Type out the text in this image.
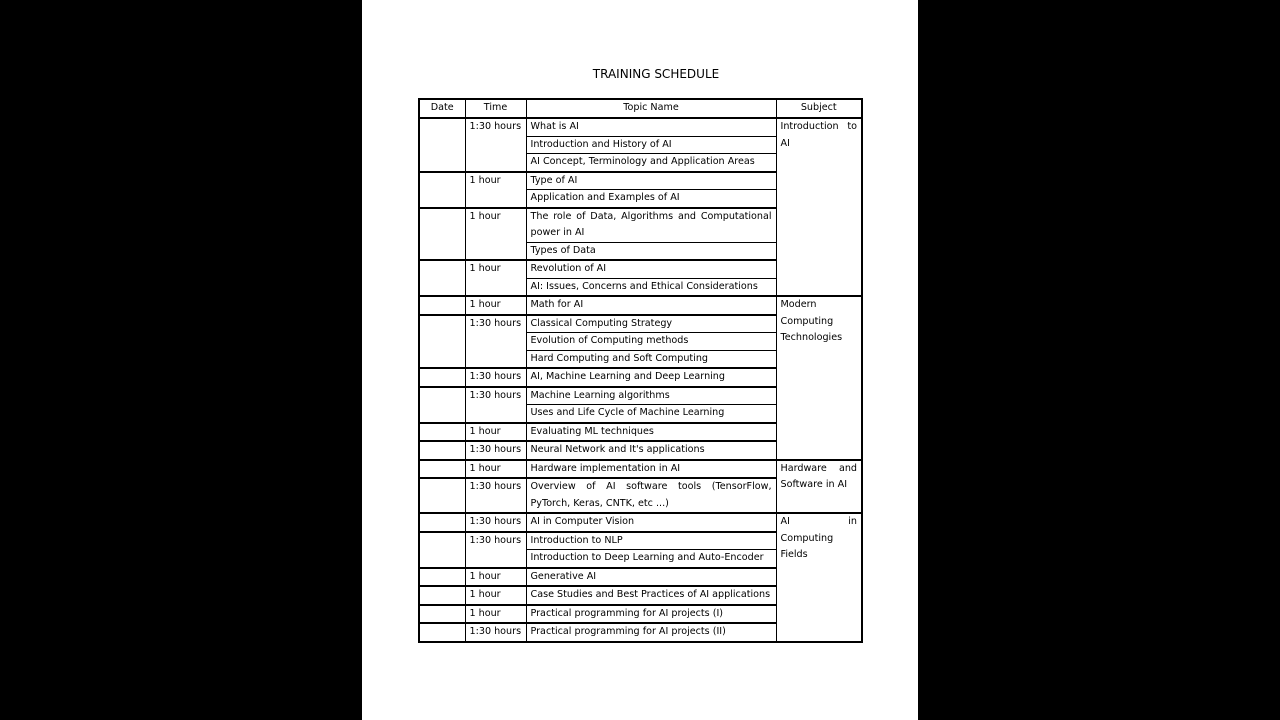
TRAINING SCHEDULE
Date	Time	Topic Name	Subject
	1:30 hours	What is AI	Introduction to AI
		Introduction and History of AI	
		AI Concept, Terminology and Application Areas	
	1 hour	Type of AI	
		Application and Examples of AI	
	1 hour	The role of Data, Algorithms and Computational power in AI	
		Types of Data	
	1 hour	Revolution of AI	
		AI: Issues, Concerns and Ethical Considerations	
	1 hour	Math for AI	Modern Computing Technologies
	1:30 hours	Classical Computing Strategy	
		Evolution of Computing methods	
		Hard Computing and Soft Computing	
	1:30 hours	AI, Machine Learning and Deep Learning	
	1:30 hours	Machine Learning algorithms	
		Uses and Life Cycle of Machine Learning	
	1 hour	Evaluating ML techniques	
	1:30 hours	Neural Network and It's applications	
	1 hour	Hardware implementation in AI	Hardware and Software in AI
	1:30 hours	Overview of AI software tools (TensorFlow, PyTorch, Keras, CNTK, etc ...)	
	1:30 hours	AI in Computer Vision	AI in Computing Fields
	1:30 hours	Introduction to NLP	
		Introduction to Deep Learning and Auto-Encoder	
	1 hour	Generative AI	
	1 hour	Case Studies and Best Practices of AI applications	
	1 hour	Practical programming for AI projects (I)	
	1:30 hours	Practical programming for AI projects (II)	
